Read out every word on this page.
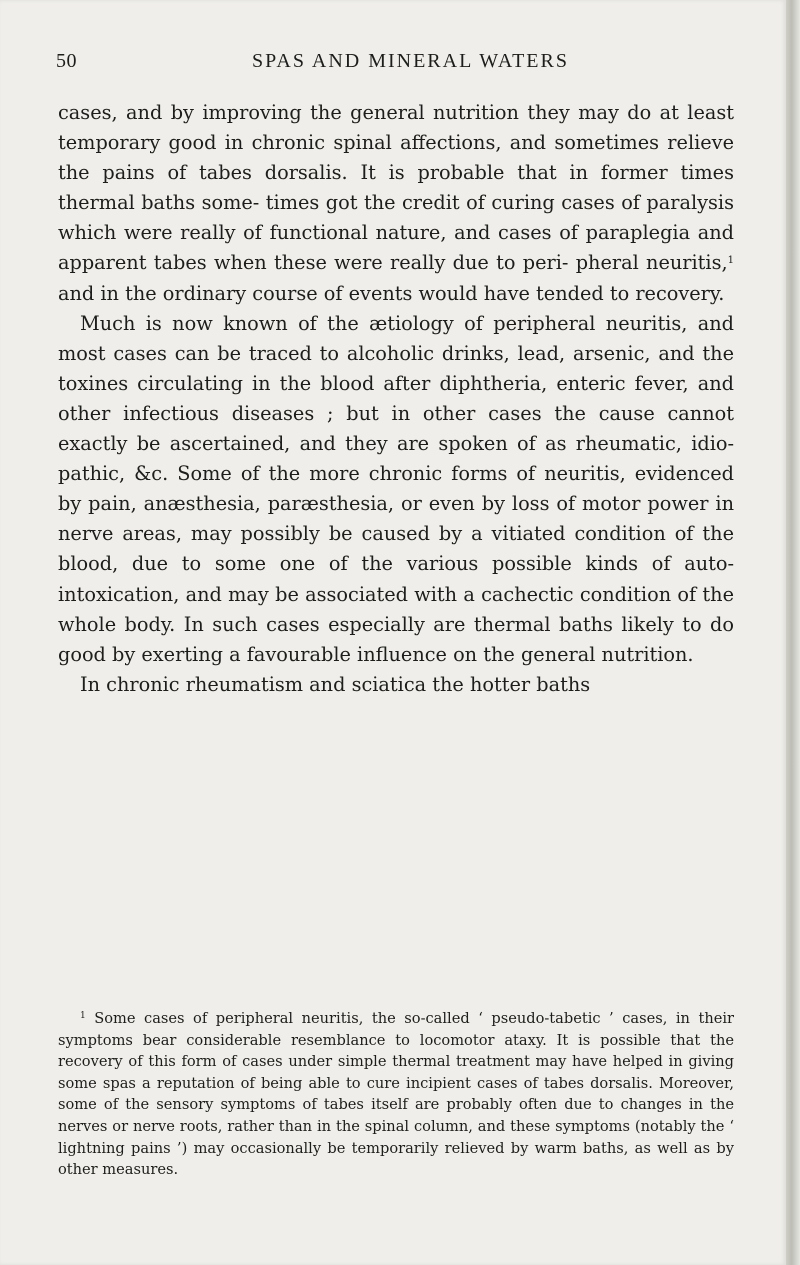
50	SPAS AND MINERAL WATERS

cases, and by improving the general nutrition they may do at least temporary good in chronic spinal affections, and sometimes relieve the pains of tabes dorsalis. It is probable that in former times thermal baths some- times got the credit of curing cases of paralysis which were really of functional nature, and cases of paraplegia and apparent tabes when these were really due to peri- pheral neuritis,$^1$ and in the ordinary course of events would have tended to recovery.

Much is now known of the ætiology of peripheral neuritis, and most cases can be traced to alcoholic drinks, lead, arsenic, and the toxines circulating in the blood after diphtheria, enteric fever, and other infectious diseases ; but in other cases the cause cannot exactly be ascertained, and they are spoken of as rheumatic, idio- pathic, &c. Some of the more chronic forms of neuritis, evidenced by pain, anæsthesia, paræsthesia, or even by loss of motor power in nerve areas, may possibly be caused by a vitiated condition of the blood, due to some one of the various possible kinds of auto-intoxication, and may be associated with a cachectic condition of the whole body. In such cases especially are thermal baths likely to do good by exerting a favourable influence on the general nutrition.

In chronic rheumatism and sciatica the hotter baths

$^1$ Some cases of peripheral neuritis, the so-called ‘ pseudo-tabetic ’ cases, in their symptoms bear considerable resemblance to locomotor ataxy. It is possible that the recovery of this form of cases under simple thermal treatment may have helped in giving some spas a reputation of being able to cure incipient cases of tabes dorsalis. Moreover, some of the sensory symptoms of tabes itself are probably often due to changes in the nerves or nerve roots, rather than in the spinal column, and these symptoms (notably the ‘ lightning pains ’) may occasionally be temporarily relieved by warm baths, as well as by other measures.
